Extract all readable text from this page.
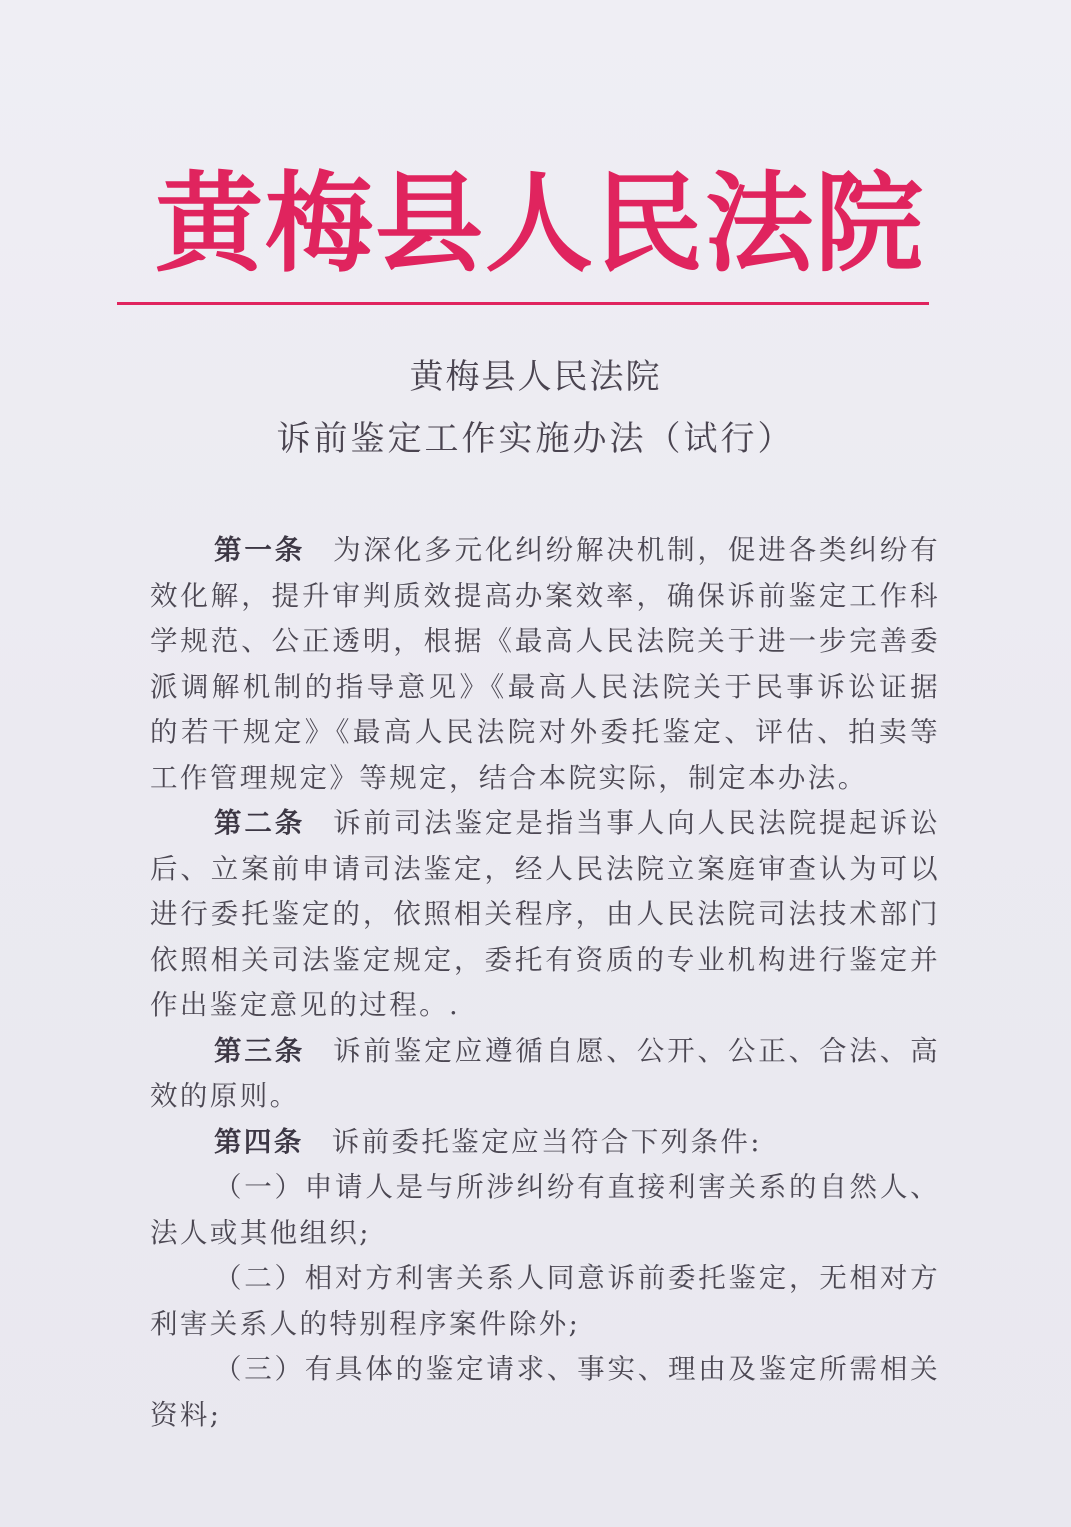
黄梅县人民法院
黄梅县人民法院
诉前鉴定工作实施办法（试行）

第一条 为深化多元化纠纷解决机制，促进各类纠纷有效化解，提升审判质效提高办案效率，确保诉前鉴定工作科学规范、公正透明，根据《最高人民法院关于进一步完善委派调解机制的指导意见》《最高人民法院关于民事诉讼证据的若干规定》《最高人民法院对外委托鉴定、评估、拍卖等工作管理规定》等规定，结合本院实际，制定本办法。

第二条 诉前司法鉴定是指当事人向人民法院提起诉讼后、立案前申请司法鉴定，经人民法院立案庭审查认为可以进行委托鉴定的，依照相关程序，由人民法院司法技术部门依照相关司法鉴定规定，委托有资质的专业机构进行鉴定并作出鉴定意见的过程。.

第三条 诉前鉴定应遵循自愿、公开、公正、合法、高效的原则。

第四条 诉前委托鉴定应当符合下列条件:

（一）申请人是与所涉纠纷有直接利害关系的自然人、法人或其他组织;

（二）相对方利害关系人同意诉前委托鉴定，无相对方利害关系人的特别程序案件除外;

（三）有具体的鉴定请求、事实、理由及鉴定所需相关资料;
